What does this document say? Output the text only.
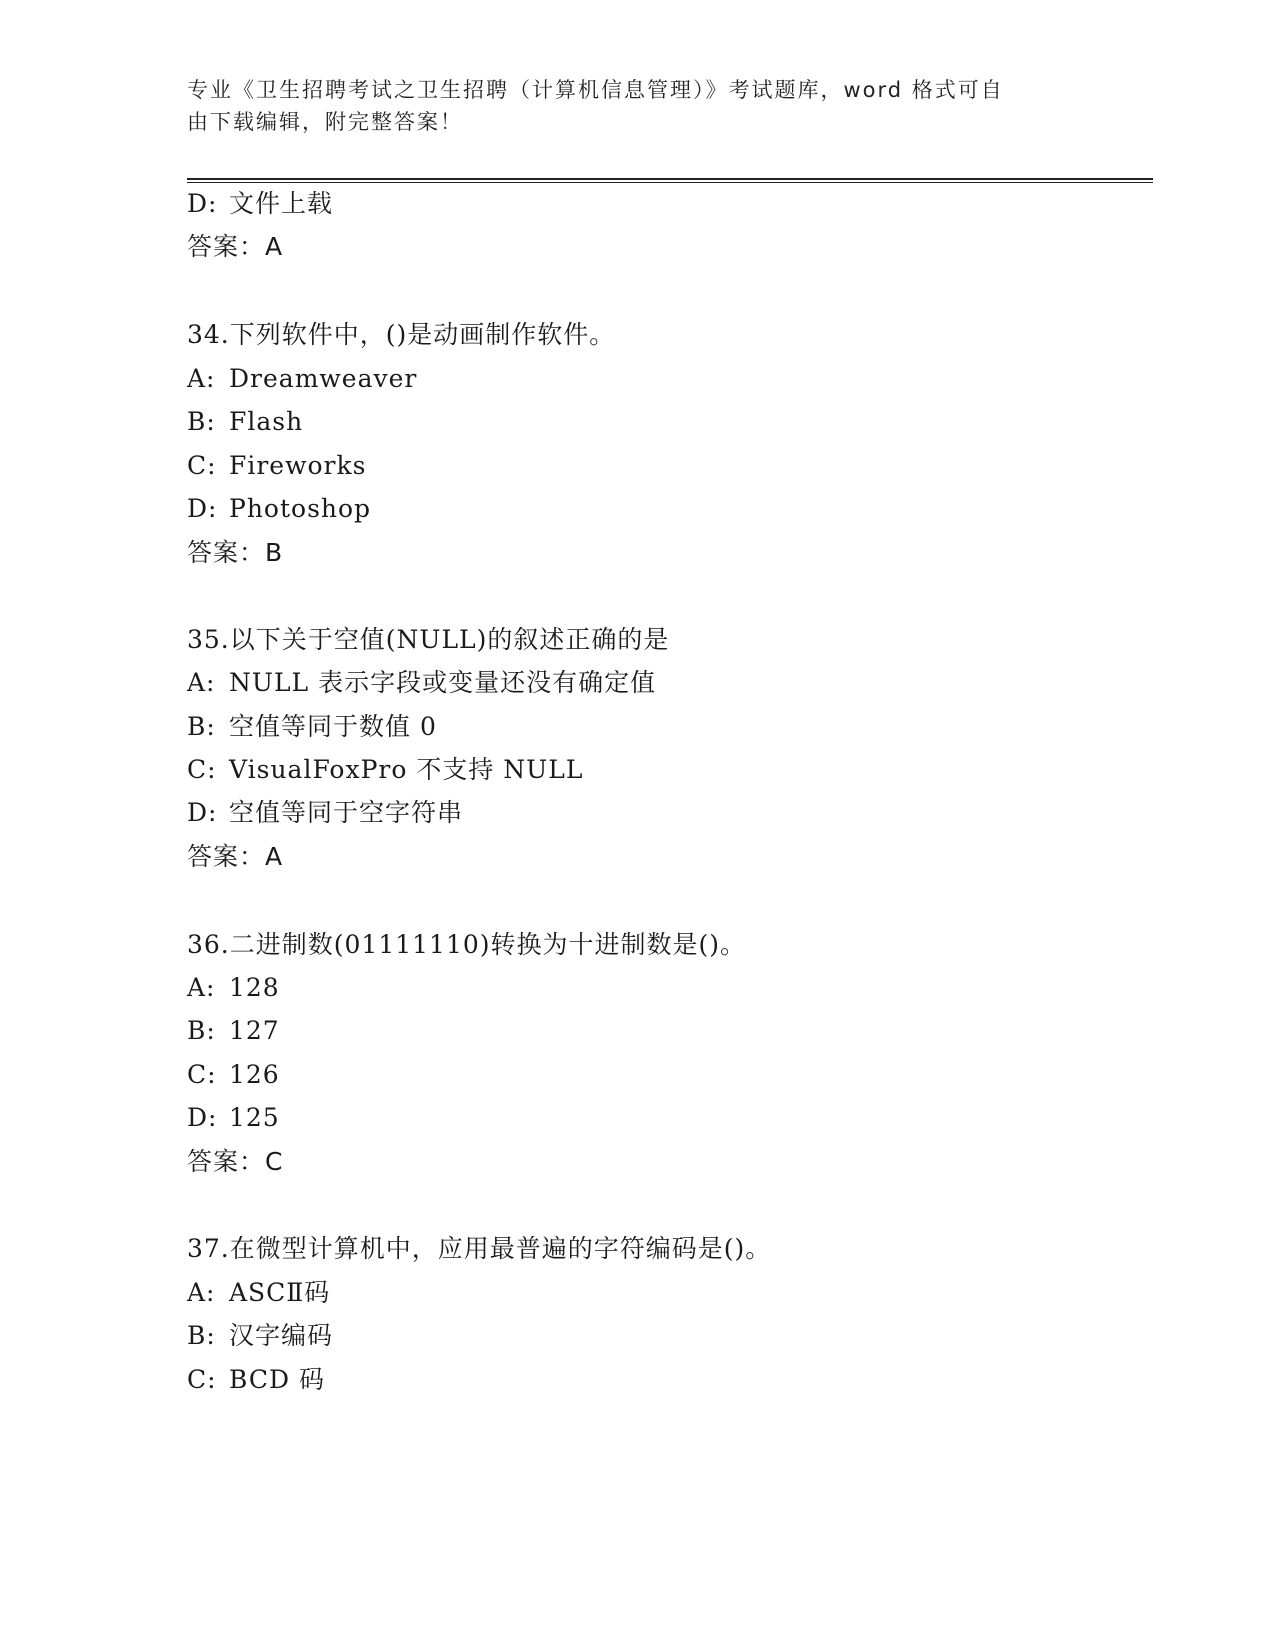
专业《卫生招聘考试之卫生招聘（计算机信息管理）》考试题库，word 格式可自
由下载编辑，附完整答案！
D: 文件上载
答案：A
34.下列软件中，()是动画制作软件。
A: Dreamweaver
B: Flash
C: Fireworks
D: Photoshop
答案：B
35.以下关于空值(NULL)的叙述正确的是
A: NULL 表示字段或变量还没有确定值
B: 空值等同于数值 0
C: VisualFoxPro 不支持 NULL
D: 空值等同于空字符串
答案：A
36.二进制数(01111110)转换为十进制数是()。
A: 128
B: 127
C: 126
D: 125
答案：C
37.在微型计算机中，应用最普遍的字符编码是()。
A: ASCⅡ码
B: 汉字编码
C: BCD 码
